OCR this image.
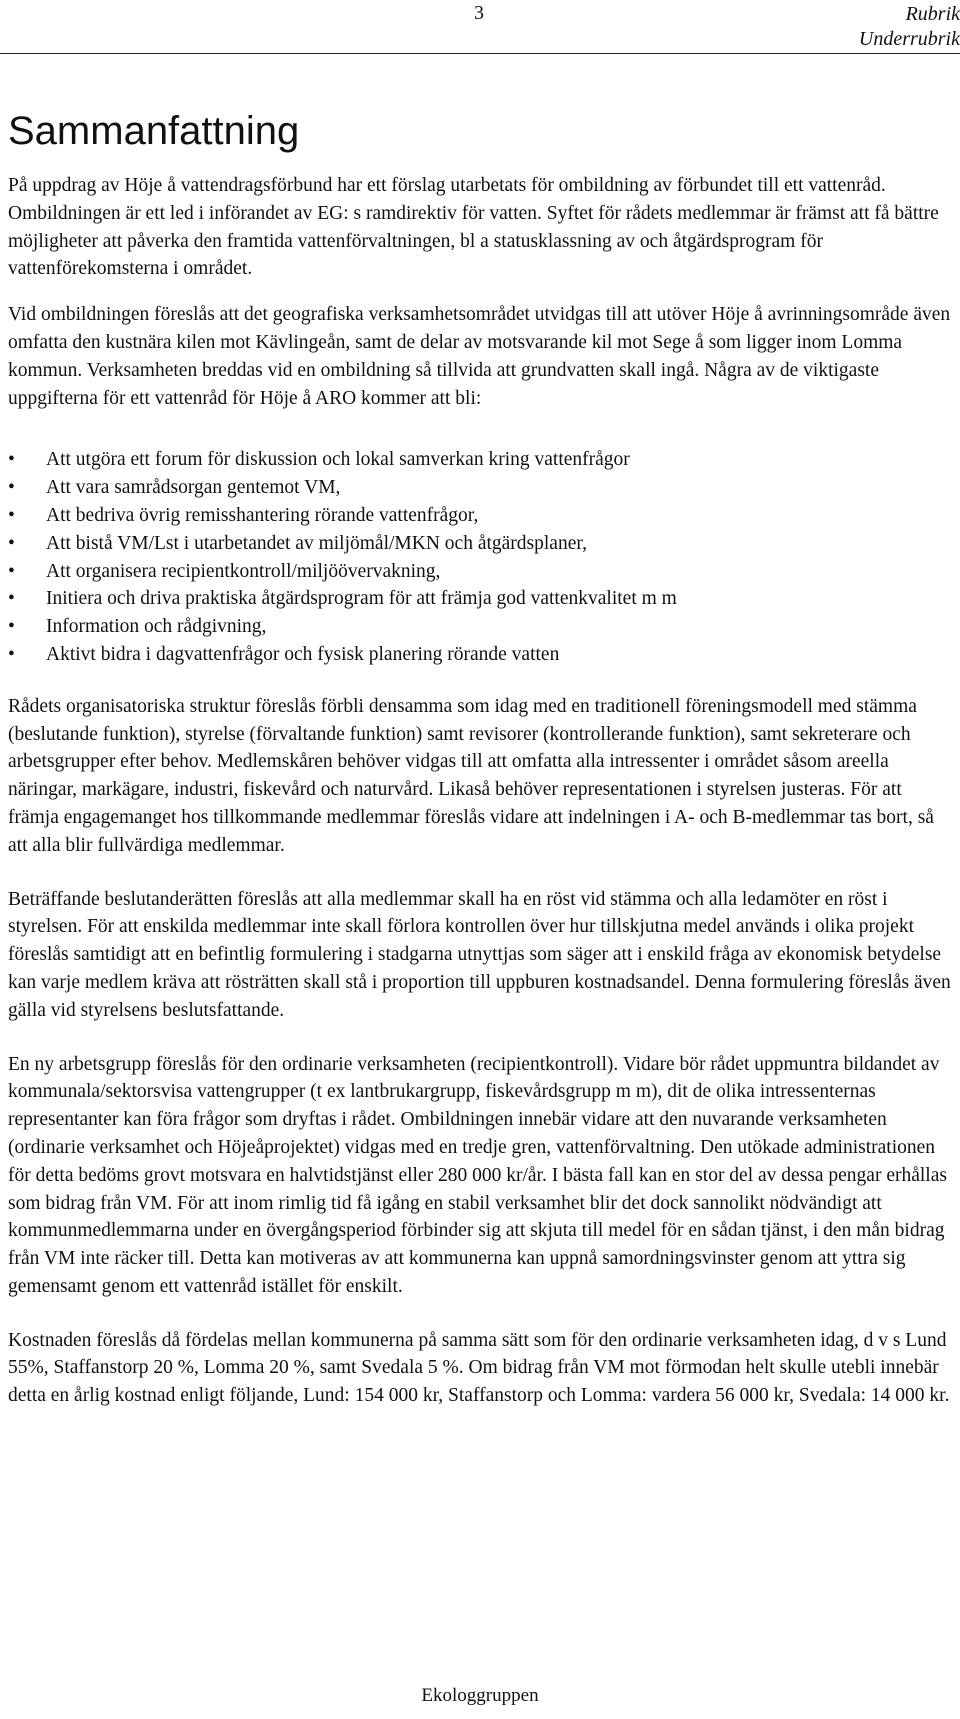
3	Rubrik
Underrubrik
Sammanfattning

På uppdrag av Höje å vattendragsförbund har ett förslag utarbetats för ombildning av förbundet till ett vattenråd. Ombildningen är ett led i införandet av EG: s ramdirektiv för vatten. Syftet för rådets medlemmar är främst att få bättre möjligheter att påverka den framtida vattenförvaltningen, bl a statusklassning av och åtgärdsprogram för vattenförekomsterna i området.

Vid ombildningen föreslås att det geografiska verksamhetsområdet utvidgas till att utöver Höje å avrinningsområde även omfatta den kustnära kilen mot Kävlingeån, samt de delar av motsvarande kil mot Sege å som ligger inom Lomma kommun. Verksamheten breddas vid en ombildning så tillvida att grundvatten skall ingå. Några av de viktigaste uppgifterna för ett vattenråd för Höje å ARO kommer att bli:

• Att utgöra ett forum för diskussion och lokal samverkan kring vattenfrågor
• Att vara samrådsorgan gentemot VM,
• Att bedriva övrig remisshantering rörande vattenfrågor,
• Att bistå VM/Lst i utarbetandet av miljömål/MKN och åtgärdsplaner,
• Att organisera recipientkontroll/miljöövervakning,
• Initiera och driva praktiska åtgärdsprogram för att främja god vattenkvalitet m m
• Information och rådgivning,
• Aktivt bidra i dagvattenfrågor och fysisk planering rörande vatten

Rådets organisatoriska struktur föreslås förbli densamma som idag med en traditionell föreningsmodell med stämma (beslutande funktion), styrelse (förvaltande funktion) samt revisorer (kontrollerande funktion), samt sekreterare och arbetsgrupper efter behov. Medlemskåren behöver vidgas till att omfatta alla intressenter i området såsom areella näringar, markägare, industri, fiskevård och naturvård. Likaså behöver representationen i styrelsen justeras. För att främja engagemanget hos tillkommande medlemmar föreslås vidare att indelningen i A- och B-medlemmar tas bort, så att alla blir fullvärdiga medlemmar.

Beträffande beslutanderätten föreslås att alla medlemmar skall ha en röst vid stämma och alla ledamöter en röst i styrelsen. För att enskilda medlemmar inte skall förlora kontrollen över hur tillskjutna medel används i olika projekt föreslås samtidigt att en befintlig formulering i stadgarna utnyttjas som säger att i enskild fråga av ekonomisk betydelse kan varje medlem kräva att rösträtten skall stå i proportion till uppburen kostnadsandel. Denna formulering föreslås även gälla vid styrelsens beslutsfattande.

En ny arbetsgrupp föreslås för den ordinarie verksamheten (recipientkontroll). Vidare bör rådet uppmuntra bildandet av kommunala/sektorsvisa vattengrupper (t ex lantbrukargrupp, fiskevårdsgrupp m m), dit de olika intressenternas representanter kan föra frågor som dryftas i rådet. Ombildningen innebär vidare att den nuvarande verksamheten (ordinarie verksamhet och Höjeåprojektet) vidgas med en tredje gren, vattenförvaltning. Den utökade administrationen för detta bedöms grovt motsvara en halvtidstjänst eller 280 000 kr/år. I bästa fall kan en stor del av dessa pengar erhållas som bidrag från VM. För att inom rimlig tid få igång en stabil verksamhet blir det dock sannolikt nödvändigt att kommunmedlemmarna under en övergångsperiod förbinder sig att skjuta till medel för en sådan tjänst, i den mån bidrag från VM inte räcker till. Detta kan motiveras av att kommunerna kan uppnå samordningsvinster genom att yttra sig gemensamt genom ett vattenråd istället för enskilt.

Kostnaden föreslås då fördelas mellan kommunerna på samma sätt som för den ordinarie verksamheten idag, d v s Lund 55%, Staffanstorp 20 %, Lomma 20 %, samt Svedala 5 %. Om bidrag från VM mot förmodan helt skulle utebli innebär detta en årlig kostnad enligt följande, Lund: 154 000 kr, Staffanstorp och Lomma: vardera 56 000 kr, Svedala: 14 000 kr.

Ekologgruppen
